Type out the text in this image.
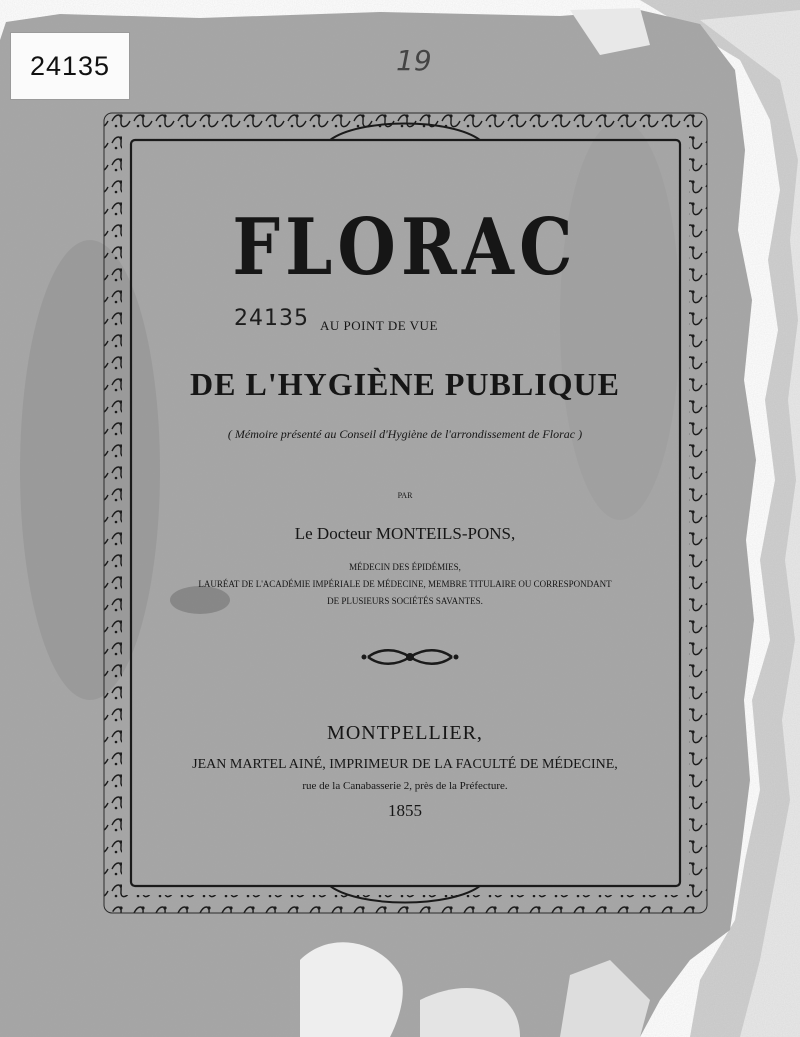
24135	19
24135
FLORAC
AU POINT DE VUE
DE L'HYGIÈNE PUBLIQUE
( Mémoire présenté au Conseil d'Hygiène de l'arrondissement de Florac )
PAR
Le Docteur MONTEILS-PONS,
MÉDECIN DES ÉPIDÉMIES,
LAURÉAT DE L'ACADÉMIE IMPÉRIALE DE MÉDECINE, MEMBRE TITULAIRE OU CORRESPONDANT
DE PLUSIEURS SOCIÉTÉS SAVANTES.
MONTPELLIER,
JEAN MARTEL AINÉ, IMPRIMEUR DE LA FACULTÉ DE MÉDECINE,
rue de la Canabasserie 2, près de la Préfecture.
1855
